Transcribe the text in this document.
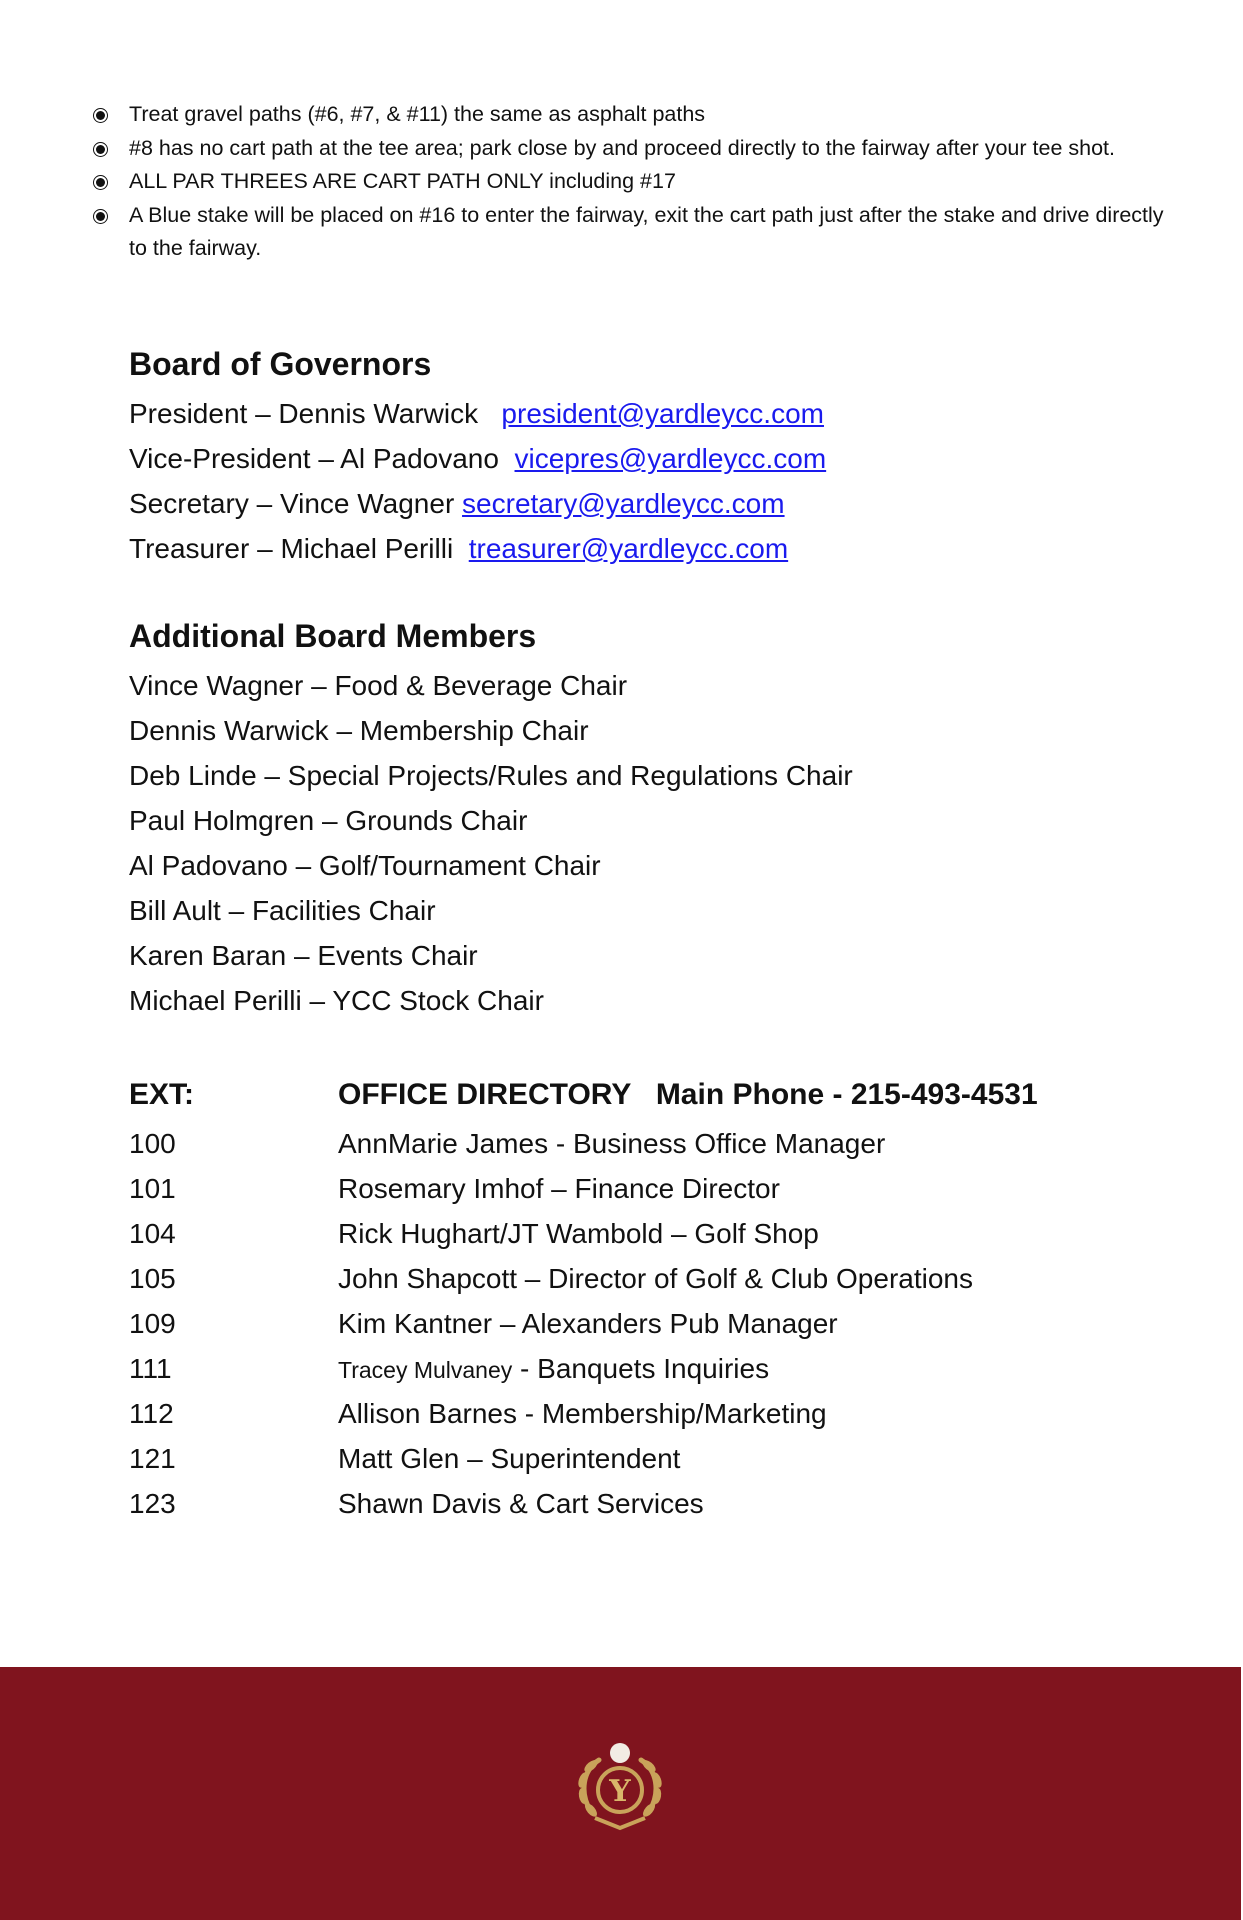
Treat gravel paths (#6, #7, & #11) the same as asphalt paths
#8 has no cart path at the tee area; park close by and proceed directly to the fairway after your tee shot.
ALL PAR THREES ARE CART PATH ONLY including #17
A Blue stake will be placed on #16 to enter the fairway, exit the cart path just after the stake and drive directly to the fairway.
Board of Governors
President – Dennis Warwick   president@yardleycc.com
Vice-President – Al Padovano  vicepres@yardleycc.com
Secretary – Vince Wagner secretary@yardleycc.com
Treasurer – Michael Perilli  treasurer@yardleycc.com
Additional Board Members
Vince Wagner – Food & Beverage Chair
Dennis Warwick – Membership Chair
Deb Linde – Special Projects/Rules and Regulations Chair
Paul Holmgren – Grounds Chair
Al Padovano – Golf/Tournament Chair
Bill Ault – Facilities Chair
Karen Baran – Events Chair
Michael Perilli – YCC Stock Chair
EXT:	OFFICE DIRECTORY   Main Phone - 215-493-4531
100	AnnMarie James - Business Office Manager
101	Rosemary Imhof – Finance Director
104	Rick Hughart/JT Wambold – Golf Shop
105	John Shapcott – Director of Golf & Club Operations
109	Kim Kantner – Alexanders Pub Manager
111	Tracey Mulvaney - Banquets Inquiries
112	Allison Barnes - Membership/Marketing
121	Matt Glen – Superintendent
123	Shawn Davis & Cart Services
Y
